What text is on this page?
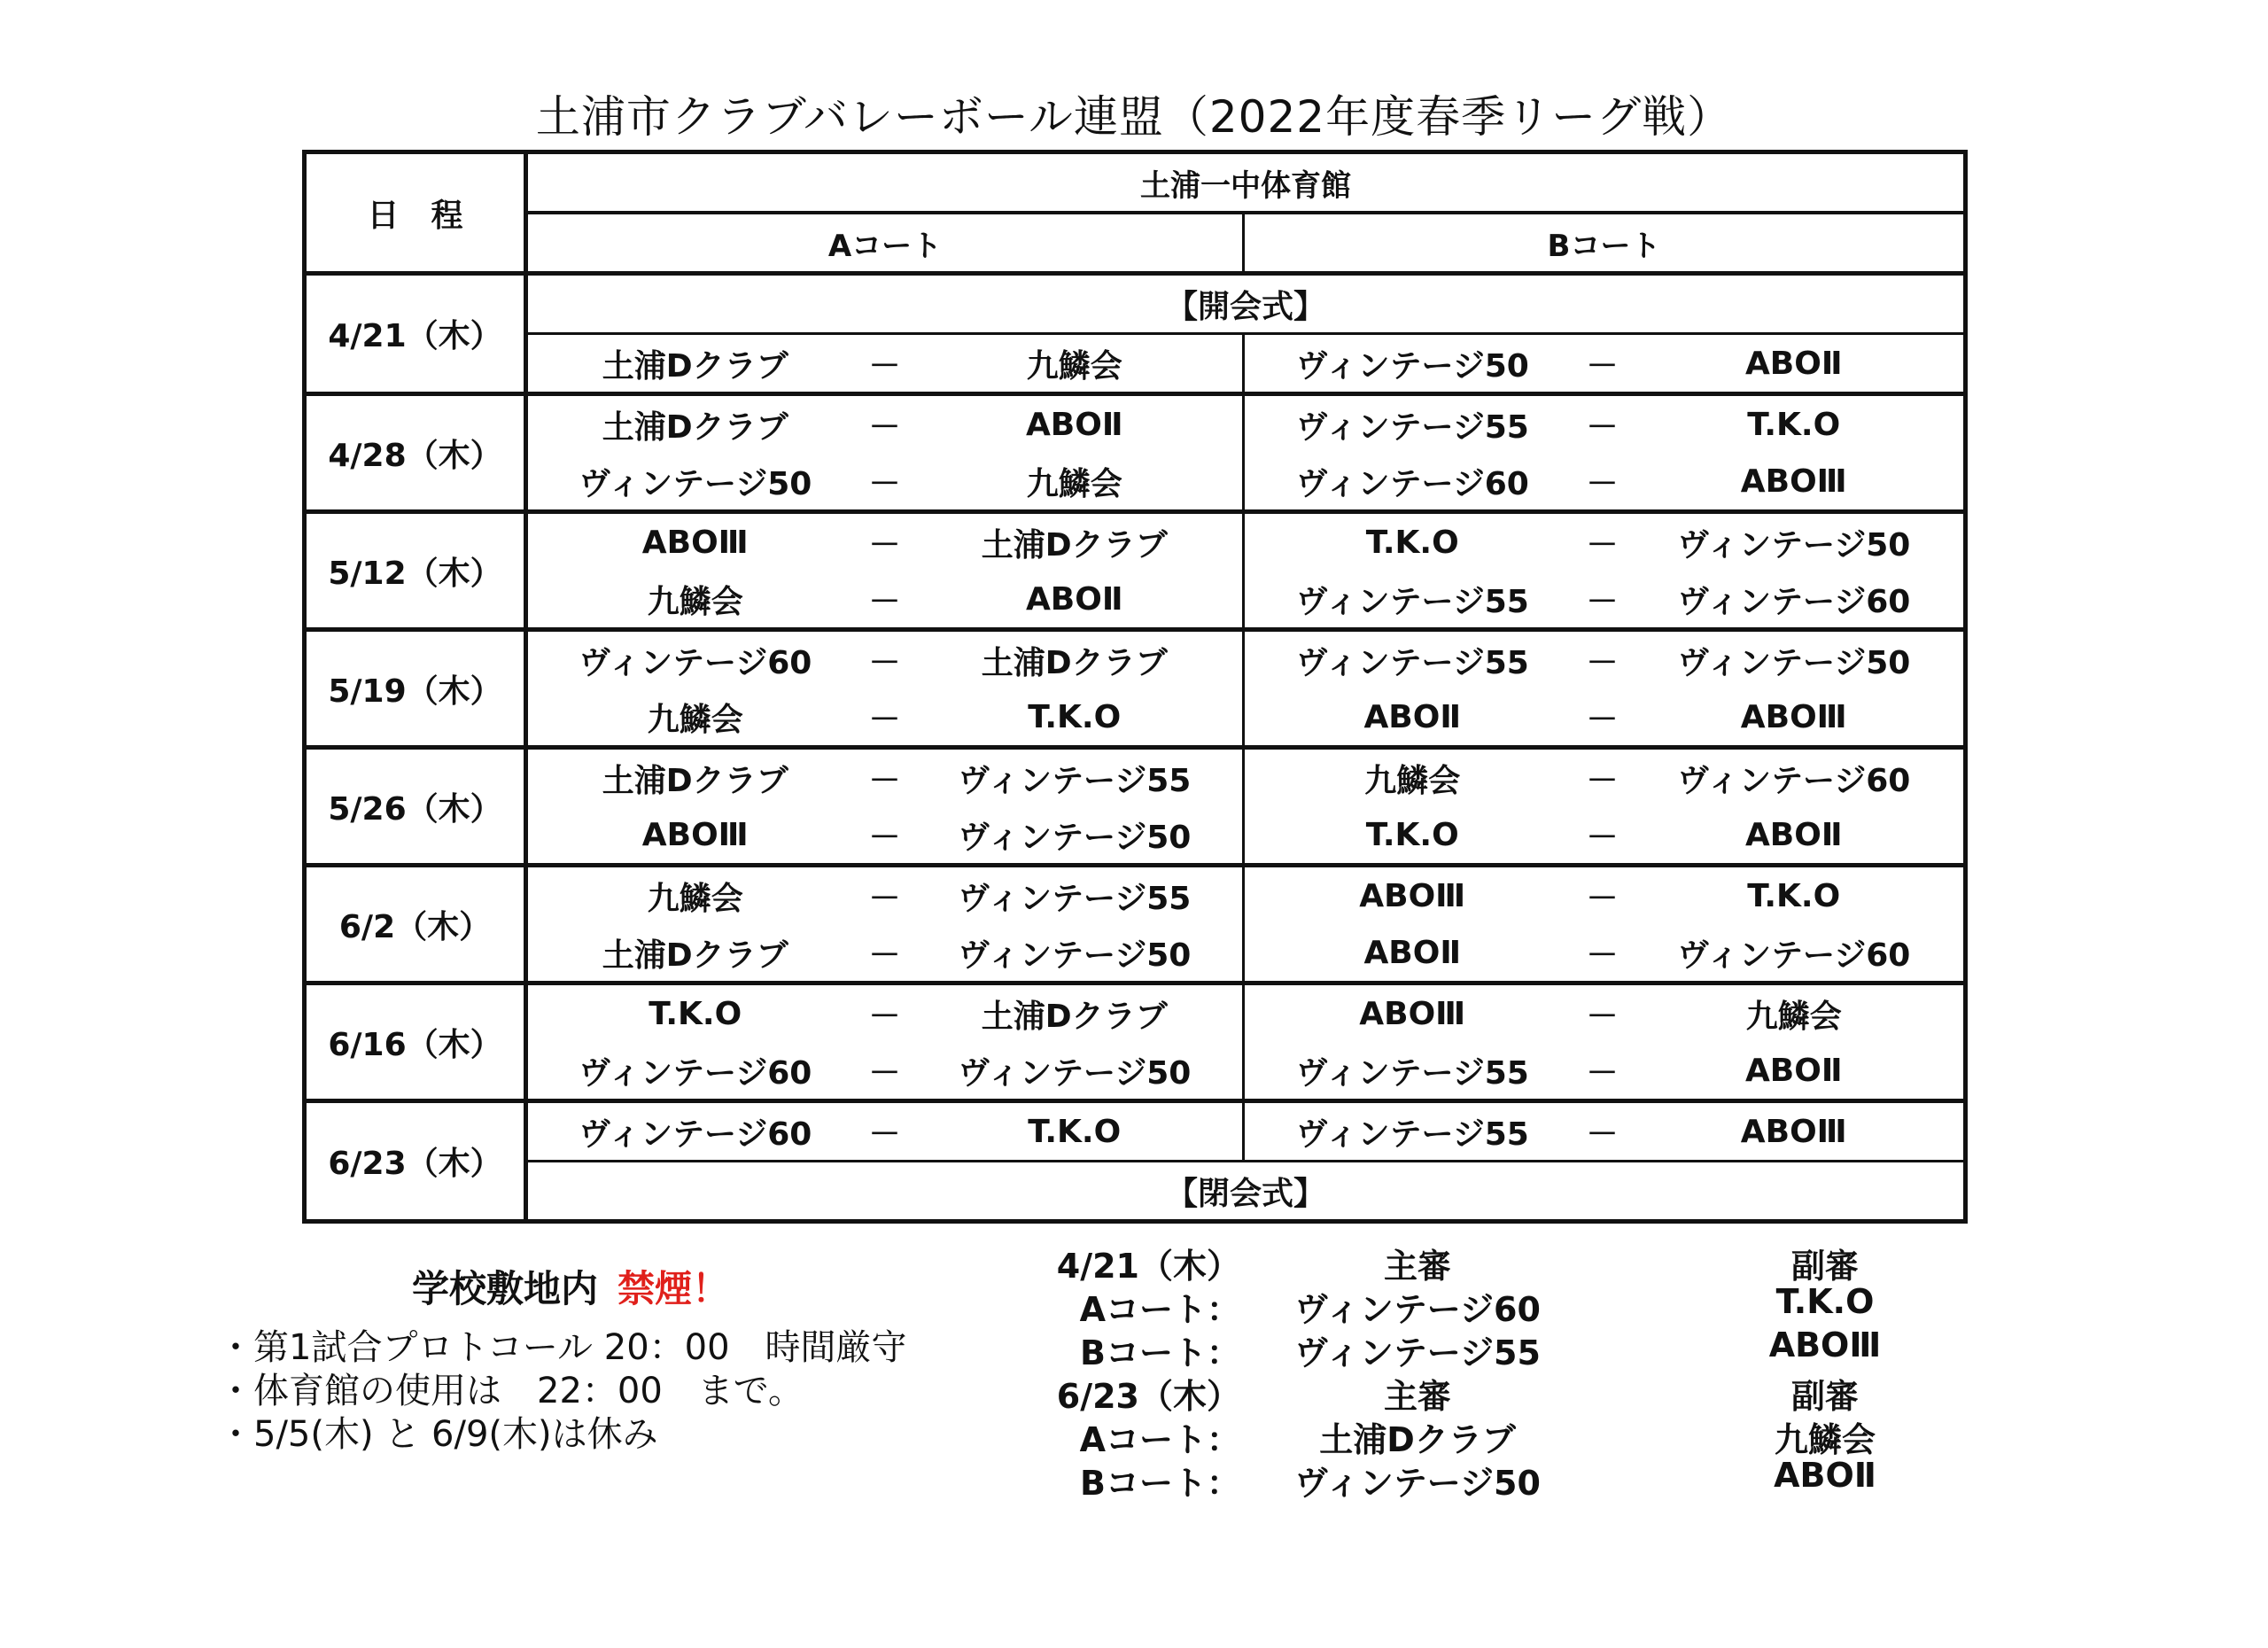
土浦市クラブバレーボール連盟（2022年度春季リーグ戦）
日　程	土浦一中体育館					
	Aコート			Bコート		
4/21（木）	【開会式】					
	土浦Dクラブ	－	九鱗会	ヴィンテージ50	－	ABOⅡ
4/28（木）	土浦Dクラブ	－	ABOⅡ	ヴィンテージ55	－	T.K.O
	ヴィンテージ50	－	九鱗会	ヴィンテージ60	－	ABOⅢ
5/12（木）	ABOⅢ	－	土浦Dクラブ	T.K.O	－	ヴィンテージ50
	九鱗会	－	ABOⅡ	ヴィンテージ55	－	ヴィンテージ60
5/19（木）	ヴィンテージ60	－	土浦Dクラブ	ヴィンテージ55	－	ヴィンテージ50
	九鱗会	－	T.K.O	ABOⅡ	－	ABOⅢ
5/26（木）	土浦Dクラブ	－	ヴィンテージ55	九鱗会	－	ヴィンテージ60
	ABOⅢ	－	ヴィンテージ50	T.K.O	－	ABOⅡ
6/2（木）	九鱗会	－	ヴィンテージ55	ABOⅢ	－	T.K.O
	土浦Dクラブ	－	ヴィンテージ50	ABOⅡ	－	ヴィンテージ60
6/16（木）	T.K.O	－	土浦Dクラブ	ABOⅢ	－	九鱗会
	ヴィンテージ60	－	ヴィンテージ50	ヴィンテージ55	－	ABOⅡ
6/23（木）	ヴィンテージ60	－	T.K.O	ヴィンテージ55	－	ABOⅢ
	【閉会式】					
学校敷地内 禁煙！
・第1試合プロトコール 20：00　時間厳守
・体育館の使用は　22：00　まで。
・5/5(木) と 6/9(木)は休み
4/21（木）	主審	副審
Aコート：	ヴィンテージ60	T.K.O
Bコート：	ヴィンテージ55	ABOⅢ
6/23（木）	主審	副審
Aコート：	土浦Dクラブ	九鱗会
Bコート：	ヴィンテージ50	ABOⅡ
